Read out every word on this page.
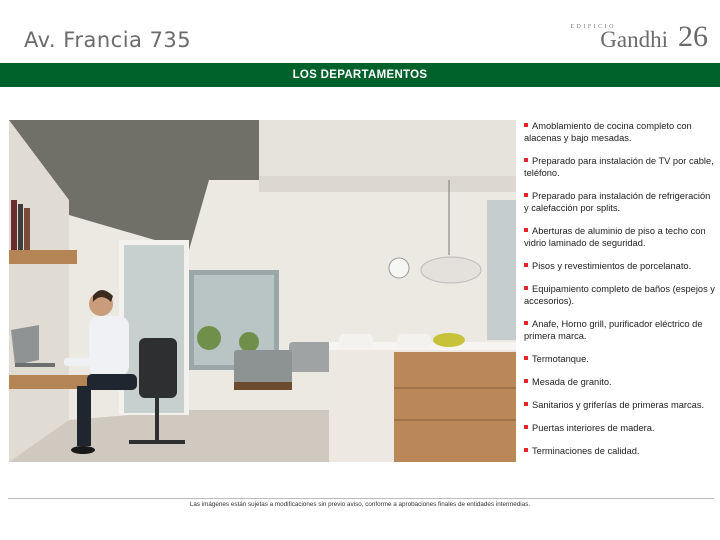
Av. Francia 735
EDIFICIO
Gandhi 26
LOS DEPARTAMENTOS
Amoblamiento de cocina completo con alacenas y bajo mesadas.
Preparado para instalación de TV por cable, teléfono.
Preparado para instalación de refrigeración y calefacción por splits.
Aberturas de aluminio de piso a techo con vidrio laminado de seguridad.
Pisos y revestimientos de porcelanato.
Equipamiento completo de baños (espejos y accesorios).
Anafe, Horno grill, purificador eléctrico de primera marca.
Termotanque.
Mesada de granito.
Sanitarios y griferías de primeras marcas.
Puertas interiores de madera.
Terminaciones de calidad.
Las imágenes están sujetas a modificaciones sin previo aviso, conforme a aprobaciones finales de entidades intermedias.
